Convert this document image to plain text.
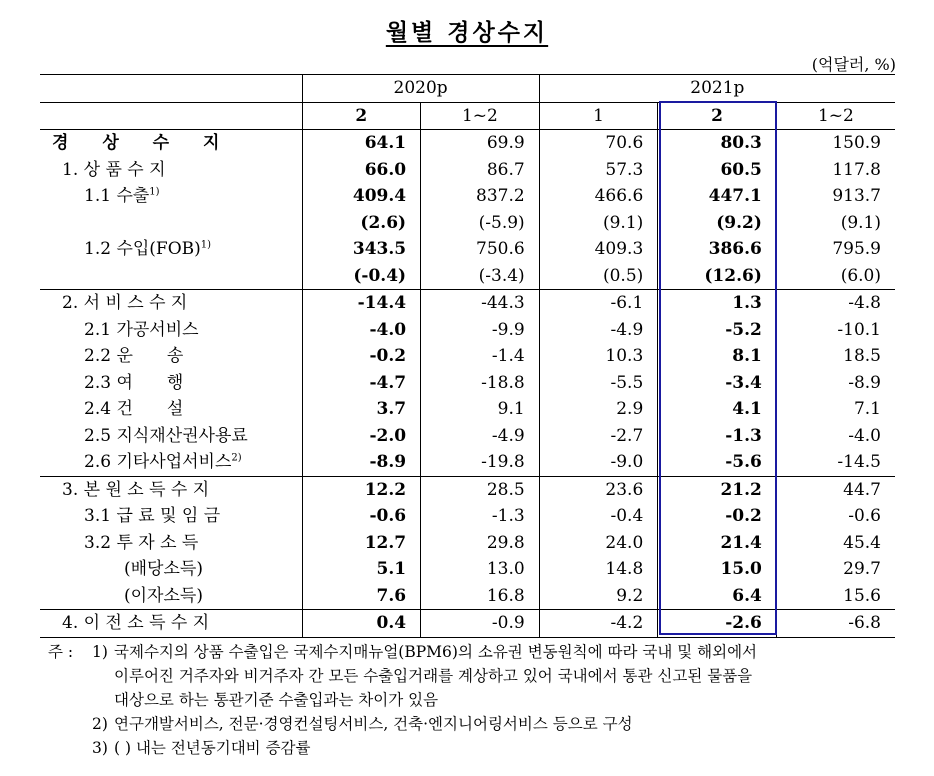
월별 경상수지
(억달러, %)
	2020p		2021p		
	2	1~2	1	2	1~2
경 상 수 지	64.1	69.9	70.6	80.3	150.9
1. 상 품 수 지	66.0	86.7	57.3	60.5	117.8
1.1 수출$^{1)}$	409.4	837.2	466.6	447.1	913.7
	(2.6)	(-5.9)	(9.1)	(9.2)	(9.1)
1.2 수입(FOB)$^{1)}$	343.5	750.6	409.3	386.6	795.9
	(-0.4)	(-3.4)	(0.5)	(12.6)	(6.0)
2. 서 비 스 수 지	-14.4	-44.3	-6.1	1.3	-4.8
2.1 가공서비스	-4.0	-9.9	-4.9	-5.2	-10.1
2.2 운　　송	-0.2	-1.4	10.3	8.1	18.5
2.3 여　　행	-4.7	-18.8	-5.5	-3.4	-8.9
2.4 건　　설	3.7	9.1	2.9	4.1	7.1
2.5 지식재산권사용료	-2.0	-4.9	-2.7	-1.3	-4.0
2.6 기타사업서비스$^{2)}$	-8.9	-19.8	-9.0	-5.6	-14.5
3. 본 원 소 득 수 지	12.2	28.5	23.6	21.2	44.7
3.1 급 료 및 임 금	-0.6	-1.3	-0.4	-0.2	-0.6
3.2 투 자 소 득	12.7	29.8	24.0	21.4	45.4
(배당소득)	5.1	13.0	14.8	15.0	29.7
(이자소득)	7.6	16.8	9.2	6.4	15.6
4. 이 전 소 득 수 지	0.4	-0.9	-4.2	-2.6	-6.8
주 :	1) 국제수지의 상품 수출입은 국제수지매뉴얼(BPM6)의 소유권 변동원칙에 따라 국내 및 해외에서
이루어진 거주자와 비거주자 간 모든 수출입거래를 계상하고 있어 국내에서 통관 신고된 물품을
대상으로 하는 통관기준 수출입과는 차이가 있음
2) 연구개발서비스, 전문·경영컨설팅서비스, 건축·엔지니어링서비스 등으로 구성
3) ( ) 내는 전년동기대비 증감률
